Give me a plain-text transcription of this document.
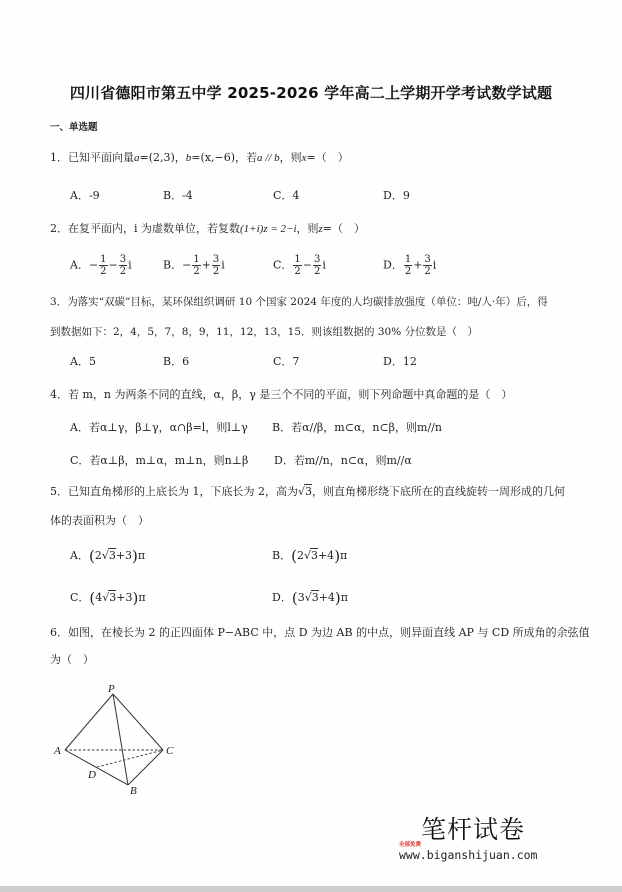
四川省德阳市第五中学 2025-2026 学年高二上学期开学考试数学试题
一、单选题
1．已知平面向量a=(2,3)，b=(x,−6)，若a // b，则x=（　）
A．-9	B．-4	C．4	D．9
2．在复平面内，i 为虚数单位，若复数(1+i)z = 2−i，则z=（　）
A．− $\frac{1}{2} - \frac{3}{2}$ i	B．− $\frac{1}{2} + \frac{3}{2}$ i	C． $\frac{1}{2} - \frac{3}{2}$ i	D． $\frac{1}{2} + \frac{3}{2}$ i
3．为落实“双碳”目标，某环保组织调研 10 个国家 2024 年度的人均碳排放强度（单位：吨/人·年）后，得
到数据如下：2，4，5，7，8，9，11，12，13，15．则该组数据的 30% 分位数是（　）
A．5	B．6	C．7	D．12
4．若 m，n 为两条不同的直线，α，β，γ 是三个不同的平面，则下列命题中真命题的是（　）
A．若α⊥γ，β⊥γ，α∩β=l，则l⊥γ B．若α//β，m⊂α，n⊂β，则m//n
C．若α⊥β，m⊥α，m⊥n，则n⊥β D．若m//n，n⊂α，则m//α
5．已知直角梯形的上底长为 1，下底长为 2，高为√3，则直角梯形绕下底所在的直线旋转一周形成的几何
体的表面积为（　）
A．(2√3+3)π	B．(2√3+4)π
C．(4√3+3)π	D．(3√3+4)π
6．如图，在棱长为 2 的正四面体 P−ABC 中，点 D 为边 AB 的中点，则异面直线 AP 与 CD 所成角的余弦值
为（　）
P
A	C
B
D
笔杆试卷
全部免费
www.biganshijuan.com
